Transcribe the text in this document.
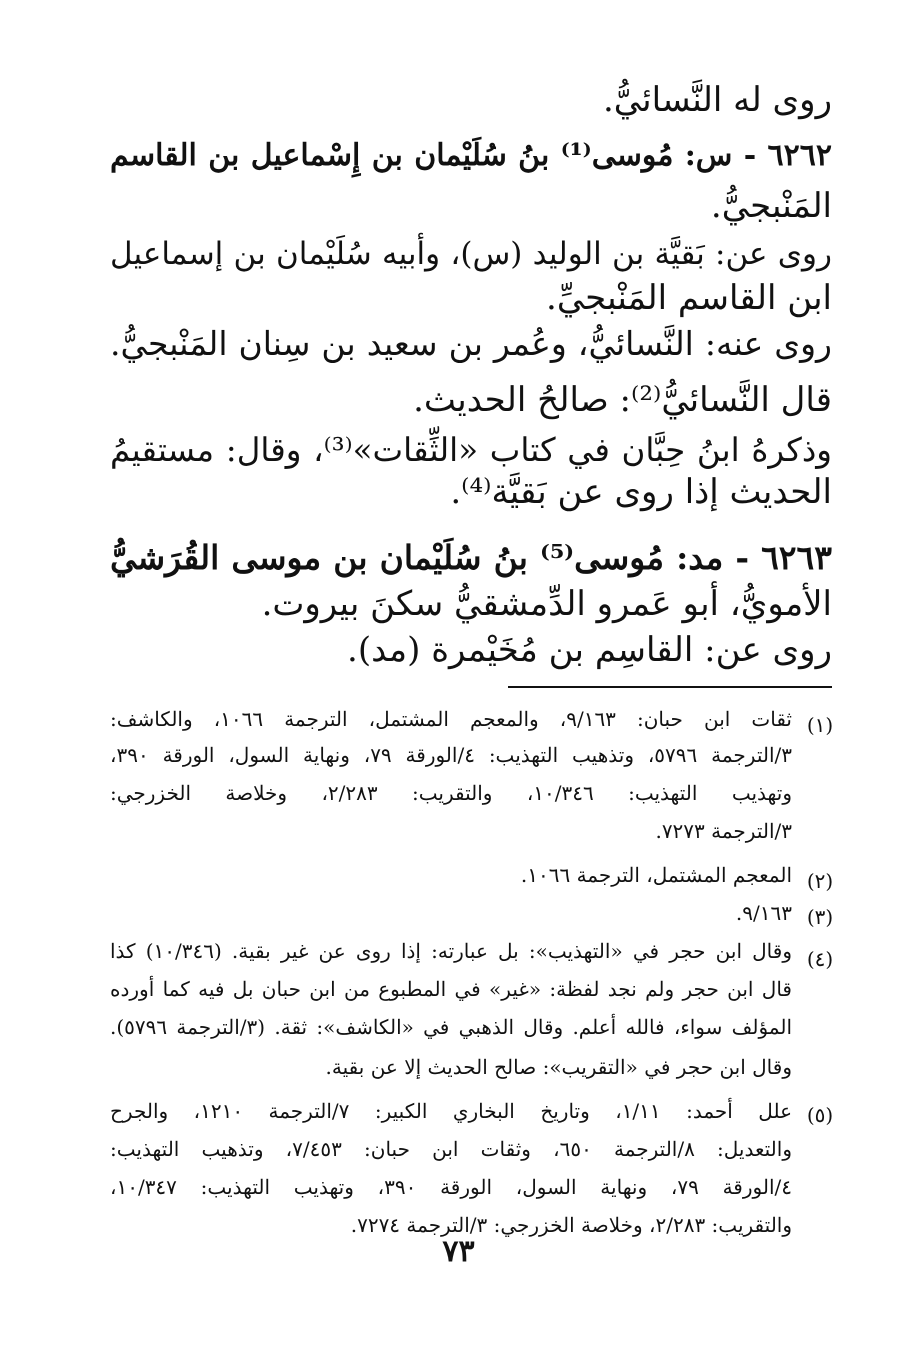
روى له النَّسائيُّ.
٦٢٦٢ - س: مُوسى⁽¹⁾ بنُ سُلَيْمان بن إِسْماعيل بن القاسم
المَنْبجيُّ.
روى عن: بَقيَّة بن الوليد (س)، وأبيه سُلَيْمان بن إسماعيل
ابن القاسم المَنْبجيِّ.
روى عنه: النَّسائيُّ، وعُمر بن سعيد بن سِنان المَنْبجيُّ.
قال النَّسائيُّ⁽²⁾: صالحُ الحديث.
وذكرهُ ابنُ حِبَّان في كتاب «الثِّقات»⁽³⁾، وقال: مستقيمُ
الحديث إذا روى عن بَقيَّة⁽⁴⁾.
٦٢٦٣ - مد: مُوسى⁽⁵⁾ بنُ سُلَيْمان بن موسى القُرَشيُّ
الأمويُّ، أبو عَمرو الدِّمشقيُّ سكنَ بيروت.
روى عن: القاسِم بن مُخَيْمرة (مد).
(١)
ثقات ابن حبان: ٩/١٦٣، والمعجم المشتمل، الترجمة ١٠٦٦، والكاشف:
٣/الترجمة ٥٧٩٦، وتذهيب التهذيب: ٤/الورقة ٧٩، ونهاية السول، الورقة ٣٩٠،
وتهذيب التهذيب: ١٠/٣٤٦، والتقريب: ٢/٢٨٣، وخلاصة الخزرجي:
٣/الترجمة ٧٢٧٣.
(٢)
المعجم المشتمل، الترجمة ١٠٦٦.
(٣)
٩/١٦٣.
(٤)
وقال ابن حجر في «التهذيب»: بل عبارته: إذا روى عن غير بقية. (١٠/٣٤٦) كذا
قال ابن حجر ولم نجد لفظة: «غير» في المطبوع من ابن حبان بل فيه كما أورده
المؤلف سواء، فالله أعلم. وقال الذهبي في «الكاشف»: ثقة. (٣/الترجمة ٥٧٩٦).
وقال ابن حجر في «التقريب»: صالح الحديث إلا عن بقية.
(٥)
علل أحمد: ١/١١، وتاريخ البخاري الكبير: ٧/الترجمة ١٢١٠، والجرح
والتعديل: ٨/الترجمة ٦٥٠، وثقات ابن حبان: ٧/٤٥٣، وتذهيب التهذيب:
٤/الورقة ٧٩، ونهاية السول، الورقة ٣٩٠، وتهذيب التهذيب: ١٠/٣٤٧،
والتقريب: ٢/٢٨٣، وخلاصة الخزرجي: ٣/الترجمة ٧٢٧٤.
٧٣
